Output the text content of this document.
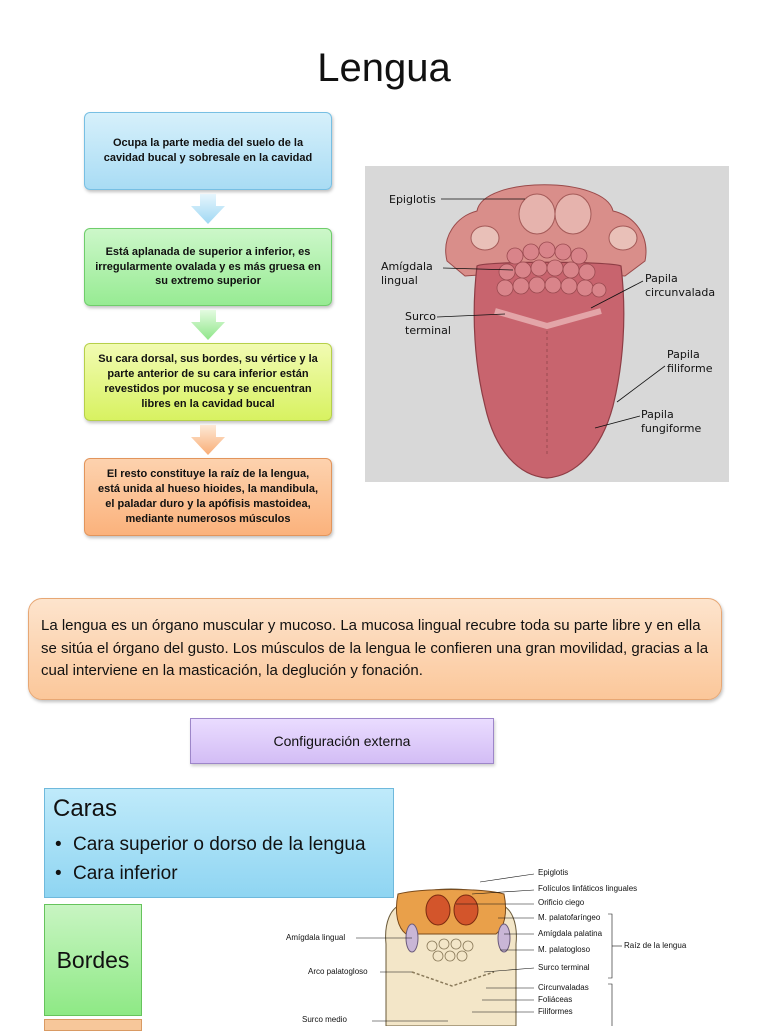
Lengua
Ocupa la parte media del suelo de la cavidad bucal y sobresale en la cavidad
Está aplanada de superior a inferior, es irregularmente ovalada y es más gruesa en su extremo superior
Su cara dorsal, sus bordes, su vértice y la parte anterior de su cara inferior están revestidos por mucosa y se encuentran libres en la cavidad bucal
El resto constituye la raíz de la lengua, está unida al hueso hioides, la mandibula, el paladar duro y la apófisis mastoidea, mediante numerosos músculos
Epiglotis
Amígdala lingual
Surco terminal
Papila circunvalada
Papila filiforme
Papila fungiforme
La lengua es un órgano muscular y mucoso. La mucosa lingual recubre toda su parte libre y en ella se sitúa el órgano del gusto. Los músculos de la lengua le confieren una gran movilidad, gracias a la cual interviene en la masticación, la deglución y fonación.
Configuración externa
Caras
• Cara superior o dorso de la lengua
• Cara inferior
Bordes
Epiglotis
Folículos linfáticos linguales
Orificio ciego
M. palatofaríngeo
Amígdala palatina
M. palatogloso
Surco terminal
Raíz de la lengua
Circunvaladas
Foliáceas
Filiformes
Amígdala lingual
Arco palatogloso
Surco medio
